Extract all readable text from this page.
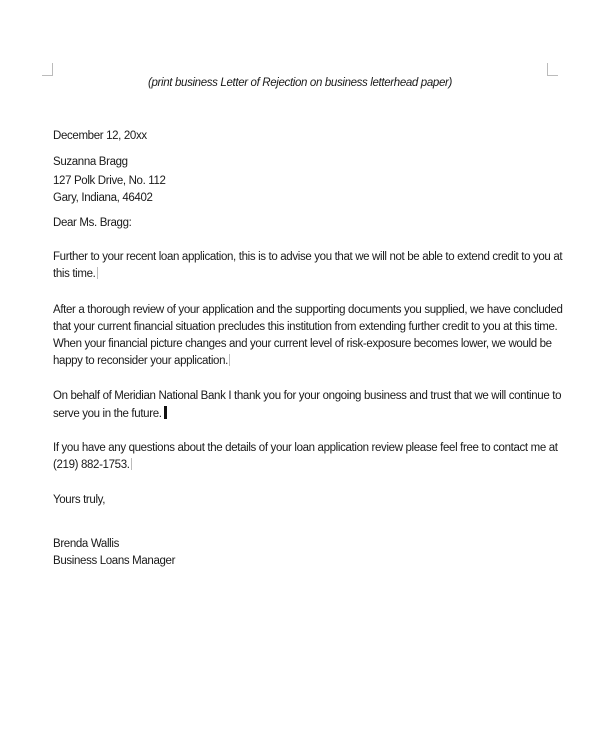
(print business Letter of Rejection on business letterhead paper)
December 12, 20xx
Suzanna Bragg
127 Polk Drive, No. 112
Gary, Indiana, 46402
Dear Ms. Bragg:
Further to your recent loan application, this is to advise you that we will not be able to extend credit to you at
this time.
After a thorough review of your application and the supporting documents you supplied, we have concluded
that your current financial situation precludes this institution from extending further credit to you at this time.
When your financial picture changes and your current level of risk-exposure becomes lower, we would be
happy to reconsider your application.
On behalf of Meridian National Bank I thank you for your ongoing business and trust that we will continue to
serve you in the future.
If you have any questions about the details of your loan application review please feel free to contact me at
(219) 882-1753.
Yours truly,
Brenda Wallis
Business Loans Manager
